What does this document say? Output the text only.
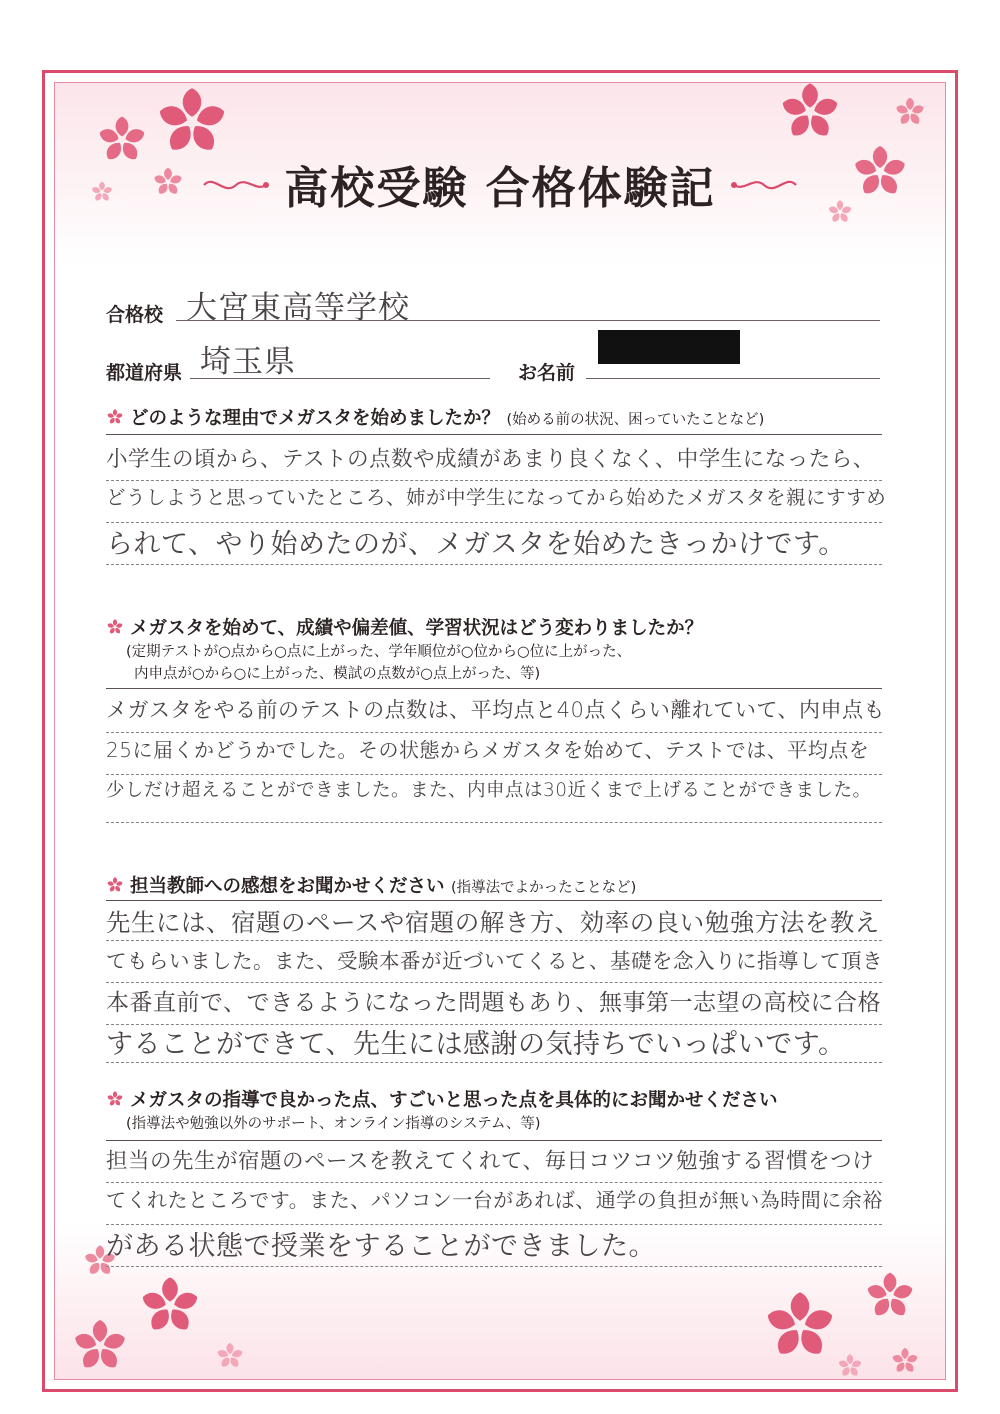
高校受験 合格体験記
合格校 大宮東高等学校
都道府県 埼玉県	お名前
どのような理由でメガスタを始めましたか？ (始める前の状況、困っていたことなど)
小学生の頃から、テストの点数や成績があまり良くなく、中学生になったら、
どうしようと思っていたところ、姉が中学生になってから始めたメガスタを親にすすめ
られて、やり始めたのが、メガスタを始めたきっかけです。
メガスタを始めて、成績や偏差値、学習状況はどう変わりましたか？
(定期テストが○点から○点に上がった、学年順位が○位から○位に上がった、
内申点が○から○に上がった、模試の点数が○点上がった、等)
メガスタをやる前のテストの点数は、平均点と40点くらい離れていて、内申点も
25に届くかどうかでした。その状態からメガスタを始めて、テストでは、平均点を
少しだけ超えることができました。また、内申点は30近くまで上げることができました。
担当教師への感想をお聞かせください (指導法でよかったことなど)
先生には、宿題のペースや宿題の解き方、効率の良い勉強方法を教え
てもらいました。また、受験本番が近づいてくると、基礎を念入りに指導して頂き
本番直前で、できるようになった問題もあり、無事第一志望の高校に合格
することができて、先生には感謝の気持ちでいっぱいです。
メガスタの指導で良かった点、すごいと思った点を具体的にお聞かせください
(指導法や勉強以外のサポート、オンライン指導のシステム、等)
担当の先生が宿題のペースを教えてくれて、毎日コツコツ勉強する習慣をつけ
てくれたところです。また、パソコン一台があれば、通学の負担が無い為時間に余裕
がある状態で授業をすることができました。
